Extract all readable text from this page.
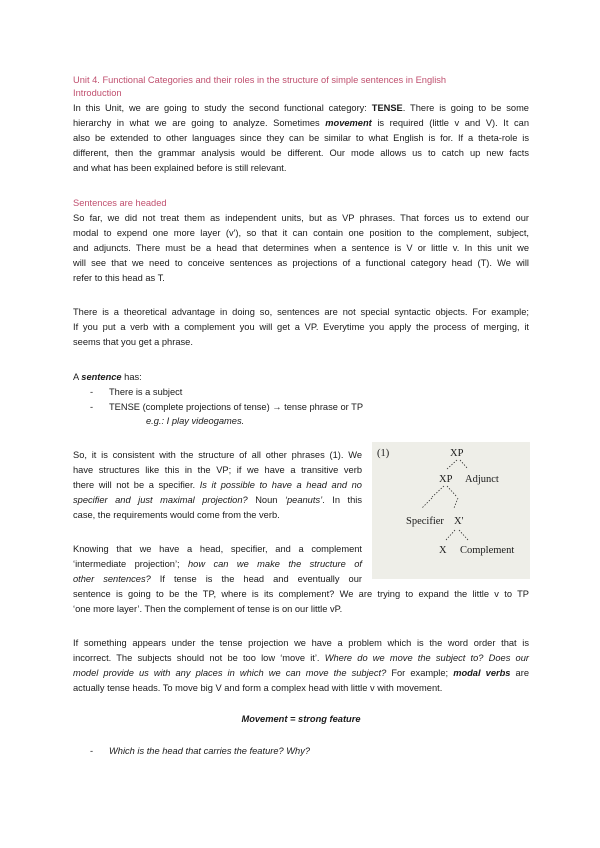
Unit 4. Functional Categories and their roles in the structure of simple sentences in English
Introduction
In this Unit, we are going to study the second functional category: TENSE. There is going to be some
hierarchy in what we are going to analyze. Sometimes movement is required (little v and V). It can
also be extended to other languages since they can be similar to what English is for. If a theta-role is
different, then the grammar analysis would be different. Our mode allows us to catch up new facts
and what has been explained before is still relevant.
Sentences are headed
So far, we did not treat them as independent units, but as VP phrases. That forces us to extend our
modal to expend one more layer (v'), so that it can contain one position to the complement, subject,
and adjuncts. There must be a head that determines when a sentence is V or little v. In this unit we
will see that we need to conceive sentences as projections of a functional category head (T). We will
refer to this head as T.
There is a theoretical advantage in doing so, sentences are not special syntactic objects. For example;
If you put a verb with a complement you will get a VP. Everytime you apply the process of merging, it
seems that you get a phrase.
A sentence has:
- There is a subject
- TENSE (complete projections of tense) → tense phrase or TP
e.g.: I play videogames.
So, it is consistent with the structure of all other phrases (1). We
have structures like this in the VP; if we have a transitive verb
there will not be a specifier. Is it possible to have a head and no
specifier and just maximal projection? Noun ‘peanuts’. In this
case, the requirements would come from the verb.
Knowing that we have a head, specifier, and a complement
‘intermediate projection’; how can we make the structure of
other sentences? If tense is the head and eventually our
sentence is going to be the TP, where is its complement? We are trying to expand the little v to TP
‘one more layer’. Then the complement of tense is on our little vP.
(1)	XP
XP Adjunct
Specifier X'
X Complement
If something appears under the tense projection we have a problem which is the word order that is
incorrect. The subjects should not be too low ‘move it’. Where do we move the subject to? Does our
model provide us with any places in which we can move the subject? For example; modal verbs are
actually tense heads. To move big V and form a complex head with little v with movement.
Movement = strong feature
- Which is the head that carries the feature? Why?
